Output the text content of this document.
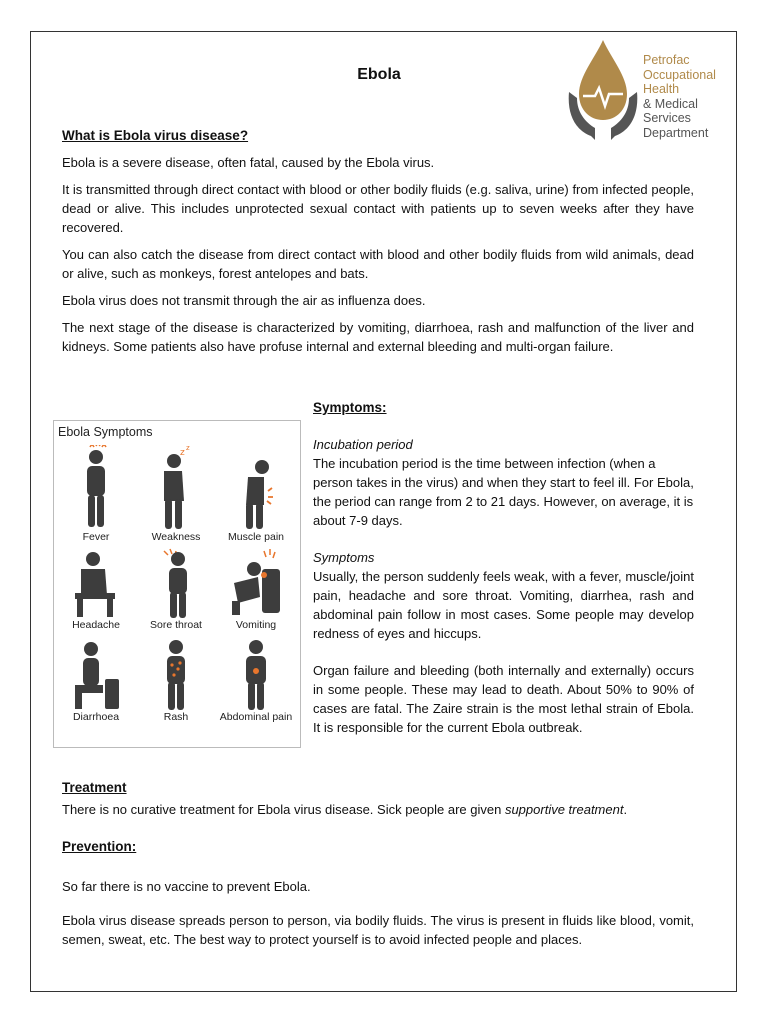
Ebola
Petrofac
Occupational
Health
& Medical
Services
Department
What is Ebola virus disease?

Ebola is a severe disease, often fatal, caused by the Ebola virus.

It is transmitted through direct contact with blood or other bodily fluids (e.g. saliva, urine) from infected people, dead or alive. This includes unprotected sexual contact with patients up to seven weeks after they have recovered.

You can also catch the disease from direct contact with blood and other bodily fluids from wild animals, dead or alive, such as monkeys, forest antelopes and bats.

Ebola virus does not transmit through the air as influenza does.

The next stage of the disease is characterized by vomiting, diarrhoea, rash and malfunction of the liver and kidneys. Some patients also have profuse internal and external bleeding and multi-organ failure.

Ebola Symptoms
Fever
z z
Weakness	Muscle pain
Headache	Sore throat	Vomiting
Diarrhoea	Rash	Abdominal pain
Symptoms:
Incubation period

The incubation period is the time between infection (when a person takes in the virus) and when they start to feel ill. For Ebola, the period can range from 2 to 21 days. However, on average, it is about 7-9 days.

Symptoms

Usually, the person suddenly feels weak, with a fever, muscle/joint pain, headache and sore throat. Vomiting, diarrhea, rash and abdominal pain follow in most cases. Some people may develop redness of eyes and hiccups.

Organ failure and bleeding (both internally and externally) occurs in some people. These may lead to death. About 50% to 90% of cases are fatal. The Zaire strain is the most lethal strain of Ebola. It is responsible for the current Ebola outbreak.

Treatment

There is no curative treatment for Ebola virus disease. Sick people are given supportive treatment.

Prevention:

So far there is no vaccine to prevent Ebola.

Ebola virus disease spreads person to person, via bodily fluids. The virus is present in fluids like blood, vomit, semen, sweat, etc. The best way to protect yourself is to avoid infected people and places.
